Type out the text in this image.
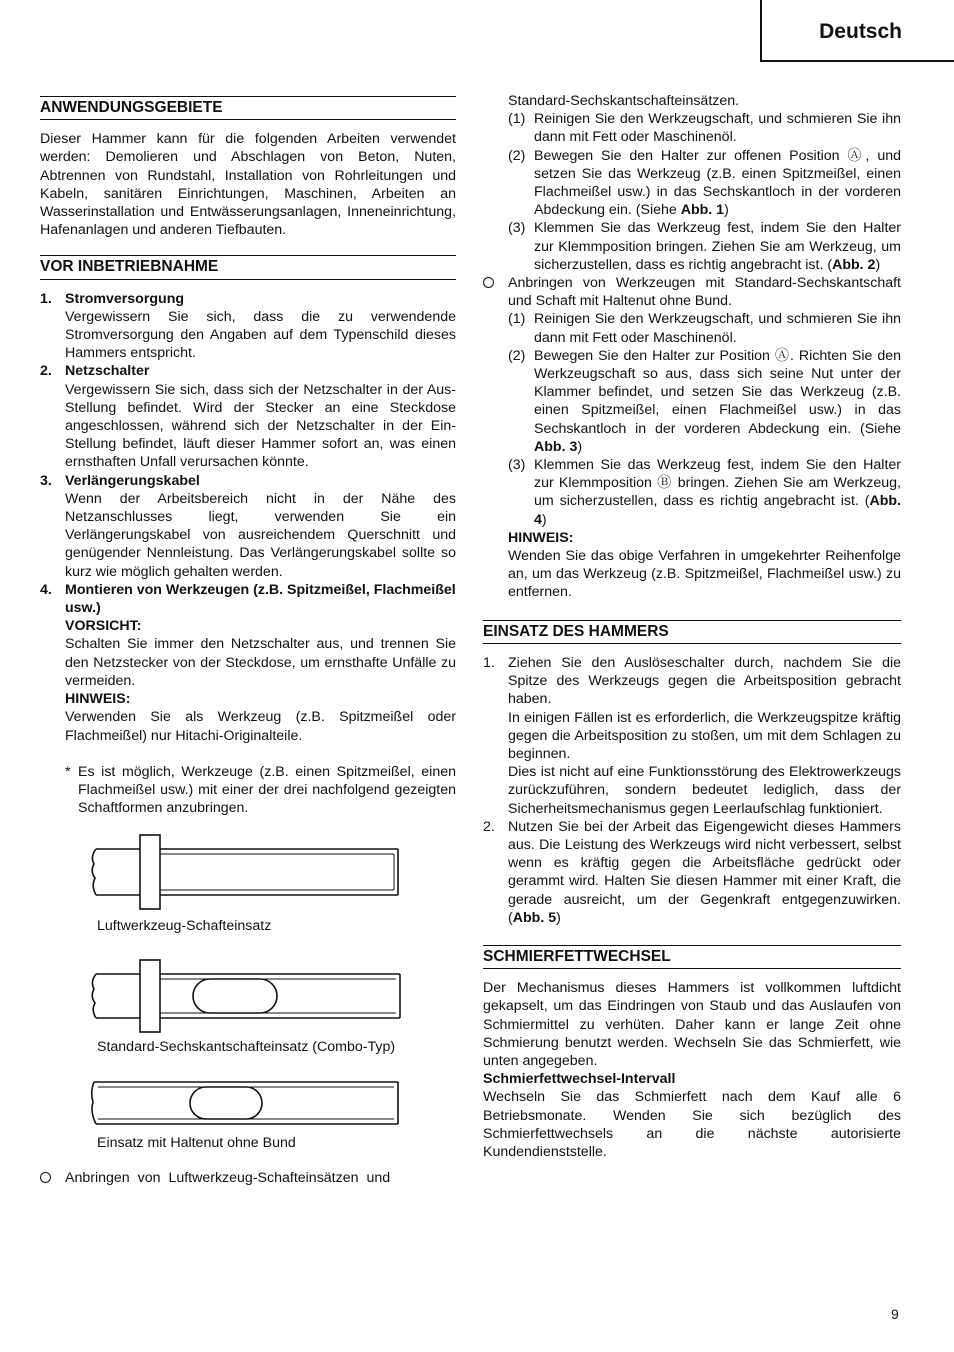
Deutsch
ANWENDUNGSGEBIETE

Dieser Hammer kann für die folgenden Arbeiten verwendet werden: Demolieren und Abschlagen von Beton, Nuten, Abtrennen von Rundstahl, Installation von Rohrleitungen und Kabeln, sanitären Einrichtungen, Maschinen, Arbeiten an Wasserinstallation und Entwässerungsanlagen, Inneneinrichtung, Hafenanlagen und anderen Tiefbauten.

VOR INBETRIEBNAHME
1. Stromversorgung

Vergewissern Sie sich, dass die zu verwendende Stromversorgung den Angaben auf dem Typenschild dieses Hammers entspricht.

2. Netzschalter

Vergewissern Sie sich, dass sich der Netzschalter in der Aus-Stellung befindet. Wird der Stecker an eine Steckdose angeschlossen, während sich der Netzschalter in der Ein-Stellung befindet, läuft dieser Hammer sofort an, was einen ernsthaften Unfall verursachen könnte.

3. Verlängerungskabel

Wenn der Arbeitsbereich nicht in der Nähe des Netzanschlusses liegt, verwenden Sie ein Verlängerungskabel von ausreichendem Querschnitt und genügender Nennleistung. Das Verlängerungskabel sollte so kurz wie möglich gehalten werden.

4. Montieren von Werkzeugen (z.B. Spitzmeißel, Flachmeißel usw.)
VORSICHT:

Schalten Sie immer den Netzschalter aus, und trennen Sie den Netzstecker von der Steckdose, um ernsthafte Unfälle zu vermeiden.

HINWEIS:

Verwenden Sie als Werkzeug (z.B. Spitzmeißel oder Flachmeißel) nur Hitachi-Originalteile.

* Es ist möglich, Werkzeuge (z.B. einen Spitzmeißel, einen Flachmeißel usw.) mit einer der drei nachfolgend gezeigten Schaftformen anzubringen.

Luftwerkzeug-Schafteinsatz
Standard-Sechskantschafteinsatz (Combo-Typ)
Einsatz mit Haltenut ohne Bund

Anbringen von Luftwerkzeug-Schafteinsätzen und

Standard-Sechskantschafteinsätzen.

(1) Reinigen Sie den Werkzeugschaft, und schmieren Sie ihn dann mit Fett oder Maschinenöl.

(2) Bewegen Sie den Halter zur offenen Position Ⓐ, und setzen Sie das Werkzeug (z.B. einen Spitzmeißel, einen Flachmeißel usw.) in das Sechskantloch in der vorderen Abdeckung ein. (Siehe Abb. 1)

(3) Klemmen Sie das Werkzeug fest, indem Sie den Halter zur Klemmposition bringen. Ziehen Sie am Werkzeug, um sicherzustellen, dass es richtig angebracht ist. (Abb. 2)

Anbringen von Werkzeugen mit Standard-Sechskantschaft und Schaft mit Haltenut ohne Bund.

(1) Reinigen Sie den Werkzeugschaft, und schmieren Sie ihn dann mit Fett oder Maschinenöl.

(2) Bewegen Sie den Halter zur Position Ⓐ. Richten Sie den Werkzeugschaft so aus, dass sich seine Nut unter der Klammer befindet, und setzen Sie das Werkzeug (z.B. einen Spitzmeißel, einen Flachmeißel usw.) in das Sechskantloch in der vorderen Abdeckung ein. (Siehe Abb. 3)

(3) Klemmen Sie das Werkzeug fest, indem Sie den Halter zur Klemmposition Ⓑ bringen. Ziehen Sie am Werkzeug, um sicherzustellen, dass es richtig angebracht ist. (Abb. 4)

HINWEIS:

Wenden Sie das obige Verfahren in umgekehrter Reihenfolge an, um das Werkzeug (z.B. Spitzmeißel, Flachmeißel usw.) zu entfernen.

EINSATZ DES HAMMERS
1. Ziehen Sie den Auslöseschalter durch, nachdem Sie die Spitze des Werkzeugs gegen die Arbeitsposition gebracht haben.

In einigen Fällen ist es erforderlich, die Werkzeugspitze kräftig gegen die Arbeitsposition zu stoßen, um mit dem Schlagen zu beginnen.

Dies ist nicht auf eine Funktionsstörung des Elektrowerkzeugs zurückzuführen, sondern bedeutet lediglich, dass der Sicherheitsmechanismus gegen Leerlaufschlag funktioniert.

2. Nutzen Sie bei der Arbeit das Eigengewicht dieses Hammers aus. Die Leistung des Werkzeugs wird nicht verbessert, selbst wenn es kräftig gegen die Arbeitsfläche gedrückt oder gerammt wird. Halten Sie diesen Hammer mit einer Kraft, die gerade ausreicht, um der Gegenkraft entgegenzuwirken. (Abb. 5)

SCHMIERFETTWECHSEL

Der Mechanismus dieses Hammers ist vollkommen luftdicht gekapselt, um das Eindringen von Staub und das Auslaufen von Schmiermittel zu verhüten. Daher kann er lange Zeit ohne Schmierung benutzt werden. Wechseln Sie das Schmierfett, wie unten angegeben.

Schmierfettwechsel-Intervall

Wechseln Sie das Schmierfett nach dem Kauf alle 6 Betriebsmonate. Wenden Sie sich bezüglich des Schmierfettwechsels an die nächste autorisierte Kundendienststelle.

9
